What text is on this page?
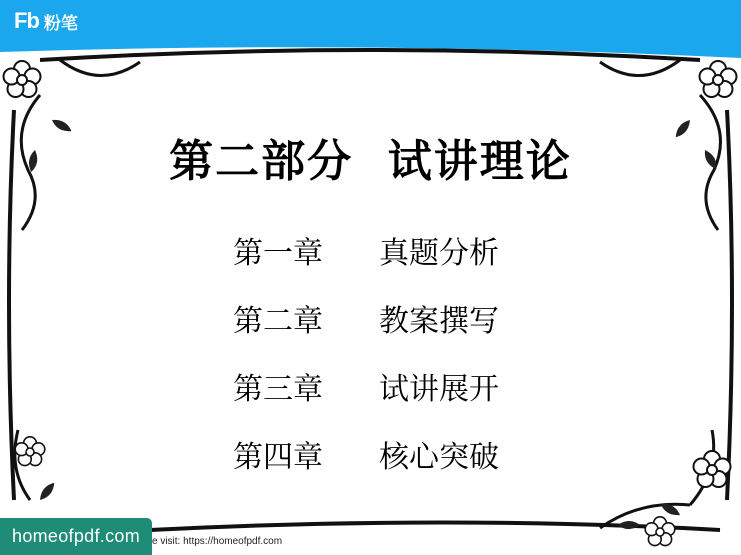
Fb 粉笔
第二部分  试讲理论
第一章	真题分析
第二章	教案撰写
第三章	试讲展开
第四章	核心突破
homeofpdf.com	e visit: https://homeofpdf.com
